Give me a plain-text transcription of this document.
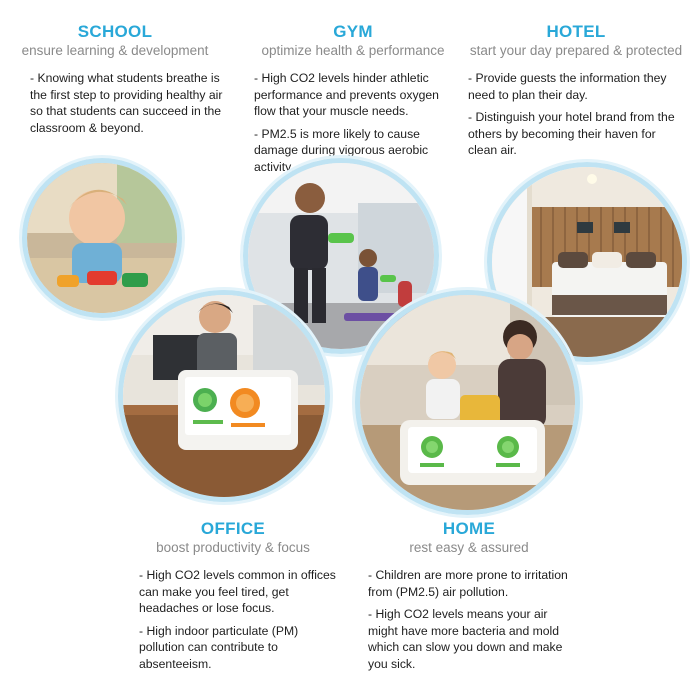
SCHOOL
ensure learning & development

- Knowing what students breathe is the first step to providing healthy air so that students can succeed in the classroom & beyond.

GYM
optimize health & performance

- High CO2 levels hinder athletic performance and prevents oxygen flow that your muscle needs.

- PM2.5 is more likely to cause damage during vigorous aerobic activity.

HOTEL
start your day prepared & protected

- Provide guests the information they need to plan their day.

- Distinguish your hotel brand from the others by becoming their haven for clean air.

OFFICE
boost productivity & focus

- High CO2 levels common in offices can make you feel tired, get headaches or lose focus.

- High indoor particulate (PM) pollution can contribute to absenteeism.

HOME
rest easy & assured

- Children are more prone to irritation from (PM2.5) air pollution.

- High CO2 levels means your air might have more bacteria and mold which can slow you down and make you sick.
